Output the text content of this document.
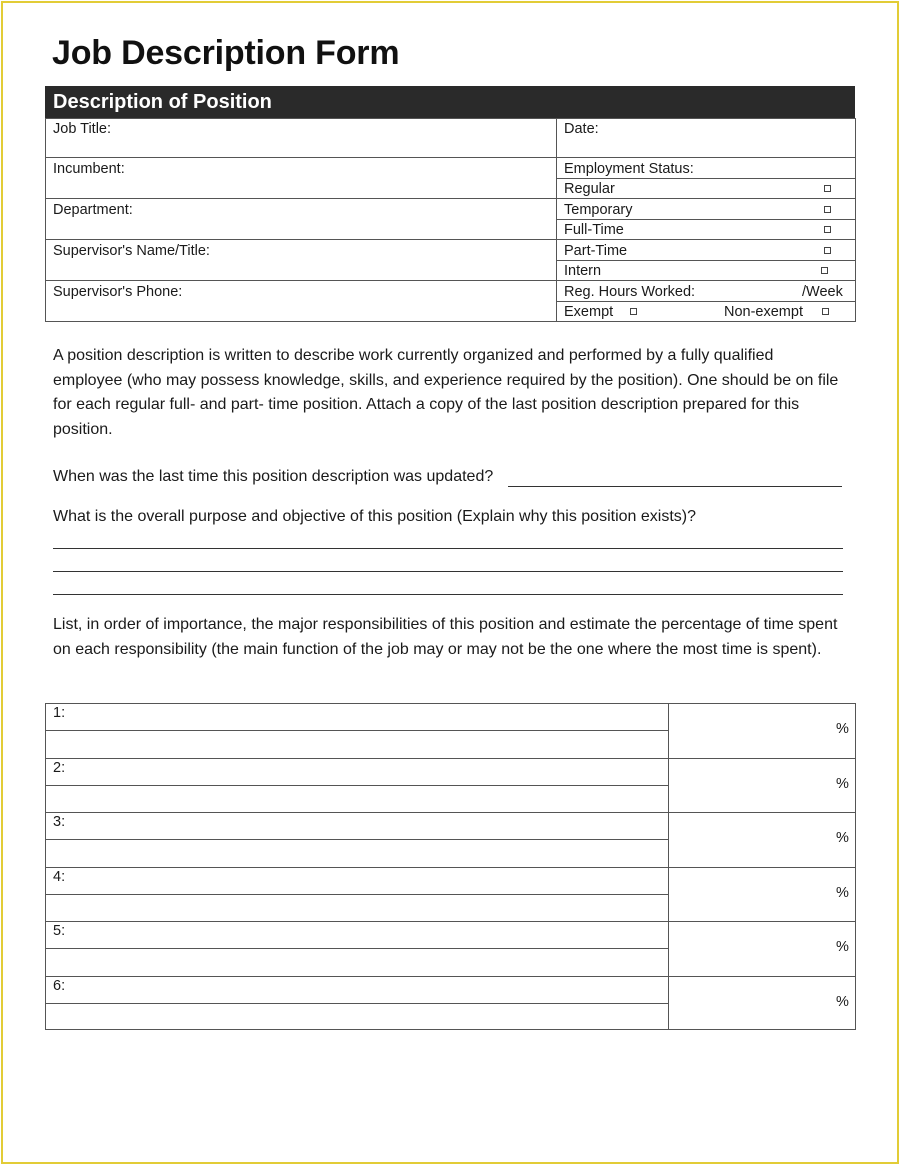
Job Description Form
Description of Position
Job Title:
Incumbent:
Department:
Supervisor's Name/Title:
Supervisor's Phone:
Date:
Employment Status:
Regular
Temporary
Full-Time
Part-Time
Intern
Reg. Hours Worked:	/Week
Exempt	Non-exempt
A position description is written to describe work currently organized and performed by a fully qualified employee (who may possess knowledge, skills, and experience required by the position). One should be on file for each regular full- and part- time position. Attach a copy of the last position description prepared for this position.
When was the last time this position description was updated?
What is the overall purpose and objective of this position (Explain why this position exists)?
List, in order of importance, the major responsibilities of this position and estimate the percentage of time spent on each responsibility (the main function of the job may or may not be the one where the most time is spent).
1:
%
2:
%
3:
%
4:
%
5:
%
6:
%
